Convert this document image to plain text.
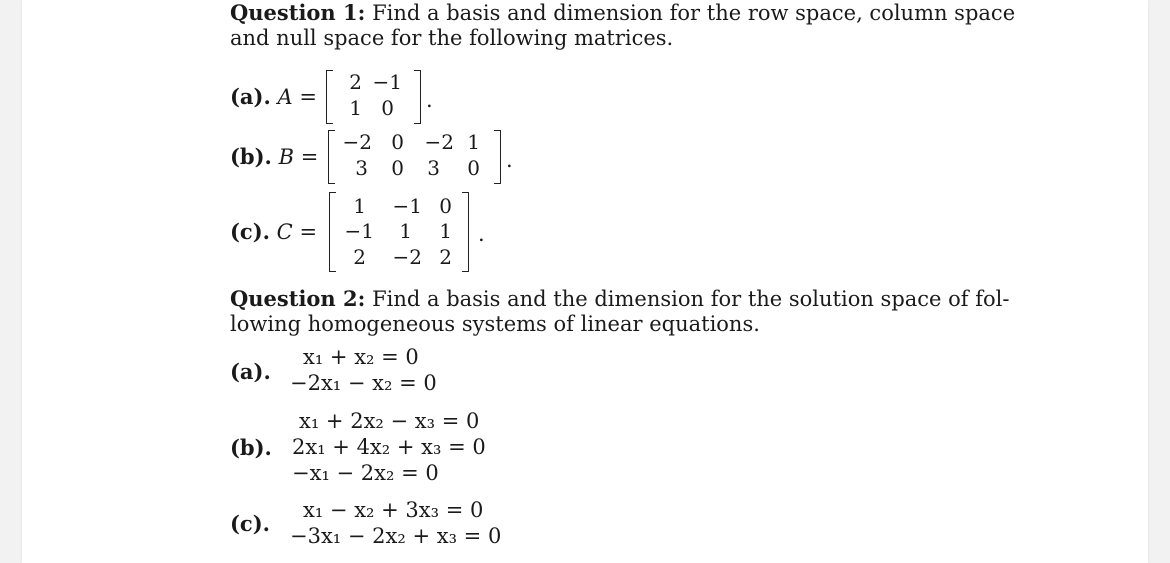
Question 1: Find a basis and dimension for the row space, column space
and null space for the following matrices.
(a). A =
2 −1
1 0 .
(b). B =
−2 0	−2 1
3	0	3	0 .
(c). C =
1	−1 0
−1	1	1
2	−2 2
.
Question 2: Find a basis and the dimension for the solution space of fol-
lowing homogeneous systems of linear equations.
(a).
x₁ + x₂ = 0
−2x₁ − x₂ = 0
(b).
x₁ + 2x₂ − x₃ = 0
2x₁ + 4x₂ + x₃ = 0
−x₁ − 2x₂ = 0
(c).
x₁ − x₂ + 3x₃ = 0
−3x₁ − 2x₂ + x₃ = 0
